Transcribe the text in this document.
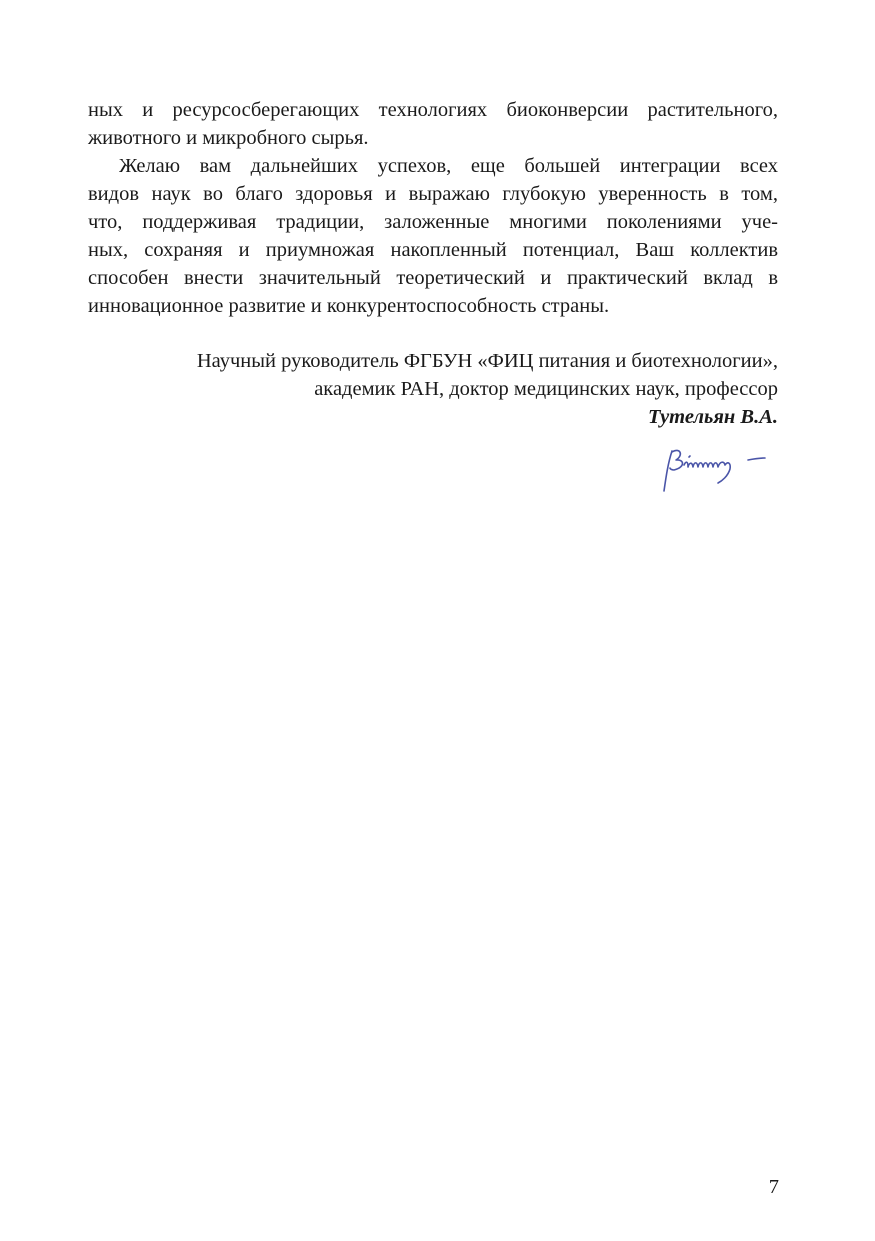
ных и ресурсосберегающих технологиях биоконверсии растительного,
животного и микробного сырья.
Желаю вам дальнейших успехов, еще большей интеграции всех
видов наук во благо здоровья и выражаю глубокую уверенность в том,
что, поддерживая традиции, заложенные многими поколениями уче-
ных, сохраняя и приумножая накопленный потенциал, Ваш коллектив
способен внести значительный теоретический и практический вклад в
инновационное развитие и конкурентоспособность страны.
Научный руководитель ФГБУН «ФИЦ питания и биотехнологии»,
академик РАН, доктор медицинских наук, профессор
Тутельян В.А.
7
